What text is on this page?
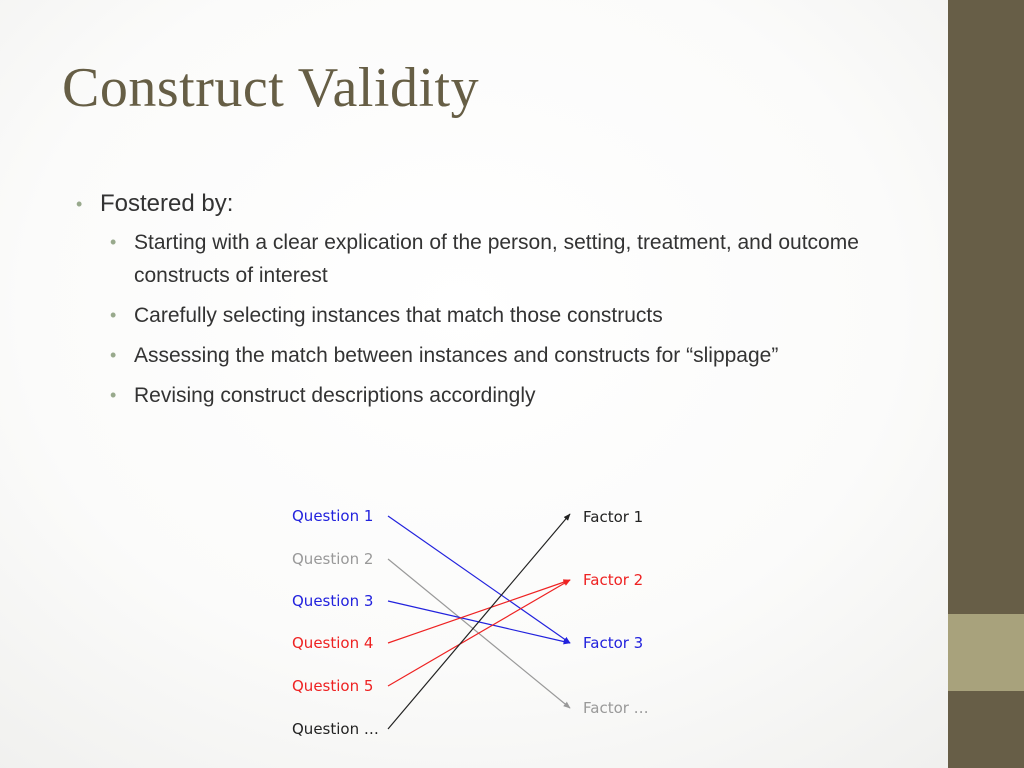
Construct Validity
• Fostered by:
• Starting with a clear explication of the person, setting, treatment, and outcome constructs of interest
• Carefully selecting instances that match those constructs
• Assessing the match between instances and constructs for “slippage”
• Revising construct descriptions accordingly
Question 1
Question 2
Question 3
Question 4
Question 5
Question …
Factor 1
Factor 2
Factor 3
Factor …
